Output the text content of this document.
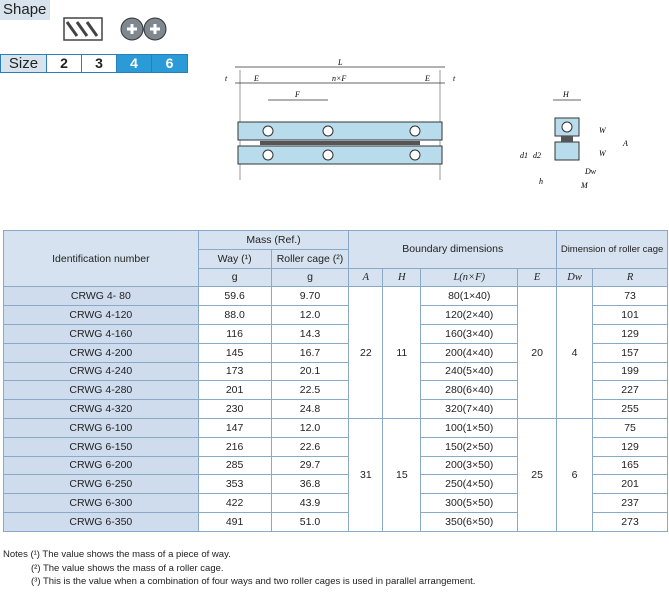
Shape
Size	2	3	4	6	L
t	E	n×F	E	t
F	H
W
W
A
d1 d2
h	M
Dw
Identification number	Mass (Ref.)		Boundary dimensions				Dimension of roller cage	
	Way (¹)	Roller cage (²)						
	g	g	A	H	L(n×F)	E	Dw	R
CRWG 4- 80	59.6	9.70	22	11	80(1×40)	20	4	73
CRWG 4-120	88.0	12.0			120(2×40)			101
CRWG 4-160	116	14.3			160(3×40)			129
CRWG 4-200	145	16.7			200(4×40)			157
CRWG 4-240	173	20.1			240(5×40)			199
CRWG 4-280	201	22.5			280(6×40)			227
CRWG 4-320	230	24.8			320(7×40)			255
CRWG 6-100	147	12.0	31	15	100(1×50)	25	6	75
CRWG 6-150	216	22.6			150(2×50)			129
CRWG 6-200	285	29.7			200(3×50)			165
CRWG 6-250	353	36.8			250(4×50)			201
CRWG 6-300	422	43.9			300(5×50)			237
CRWG 6-350	491	51.0			350(6×50)			273
Notes (¹) The value shows the mass of a piece of way.
(²) The value shows the mass of a roller cage.
(³) This is the value when a combination of four ways and two roller cages is used in parallel arrangement.
